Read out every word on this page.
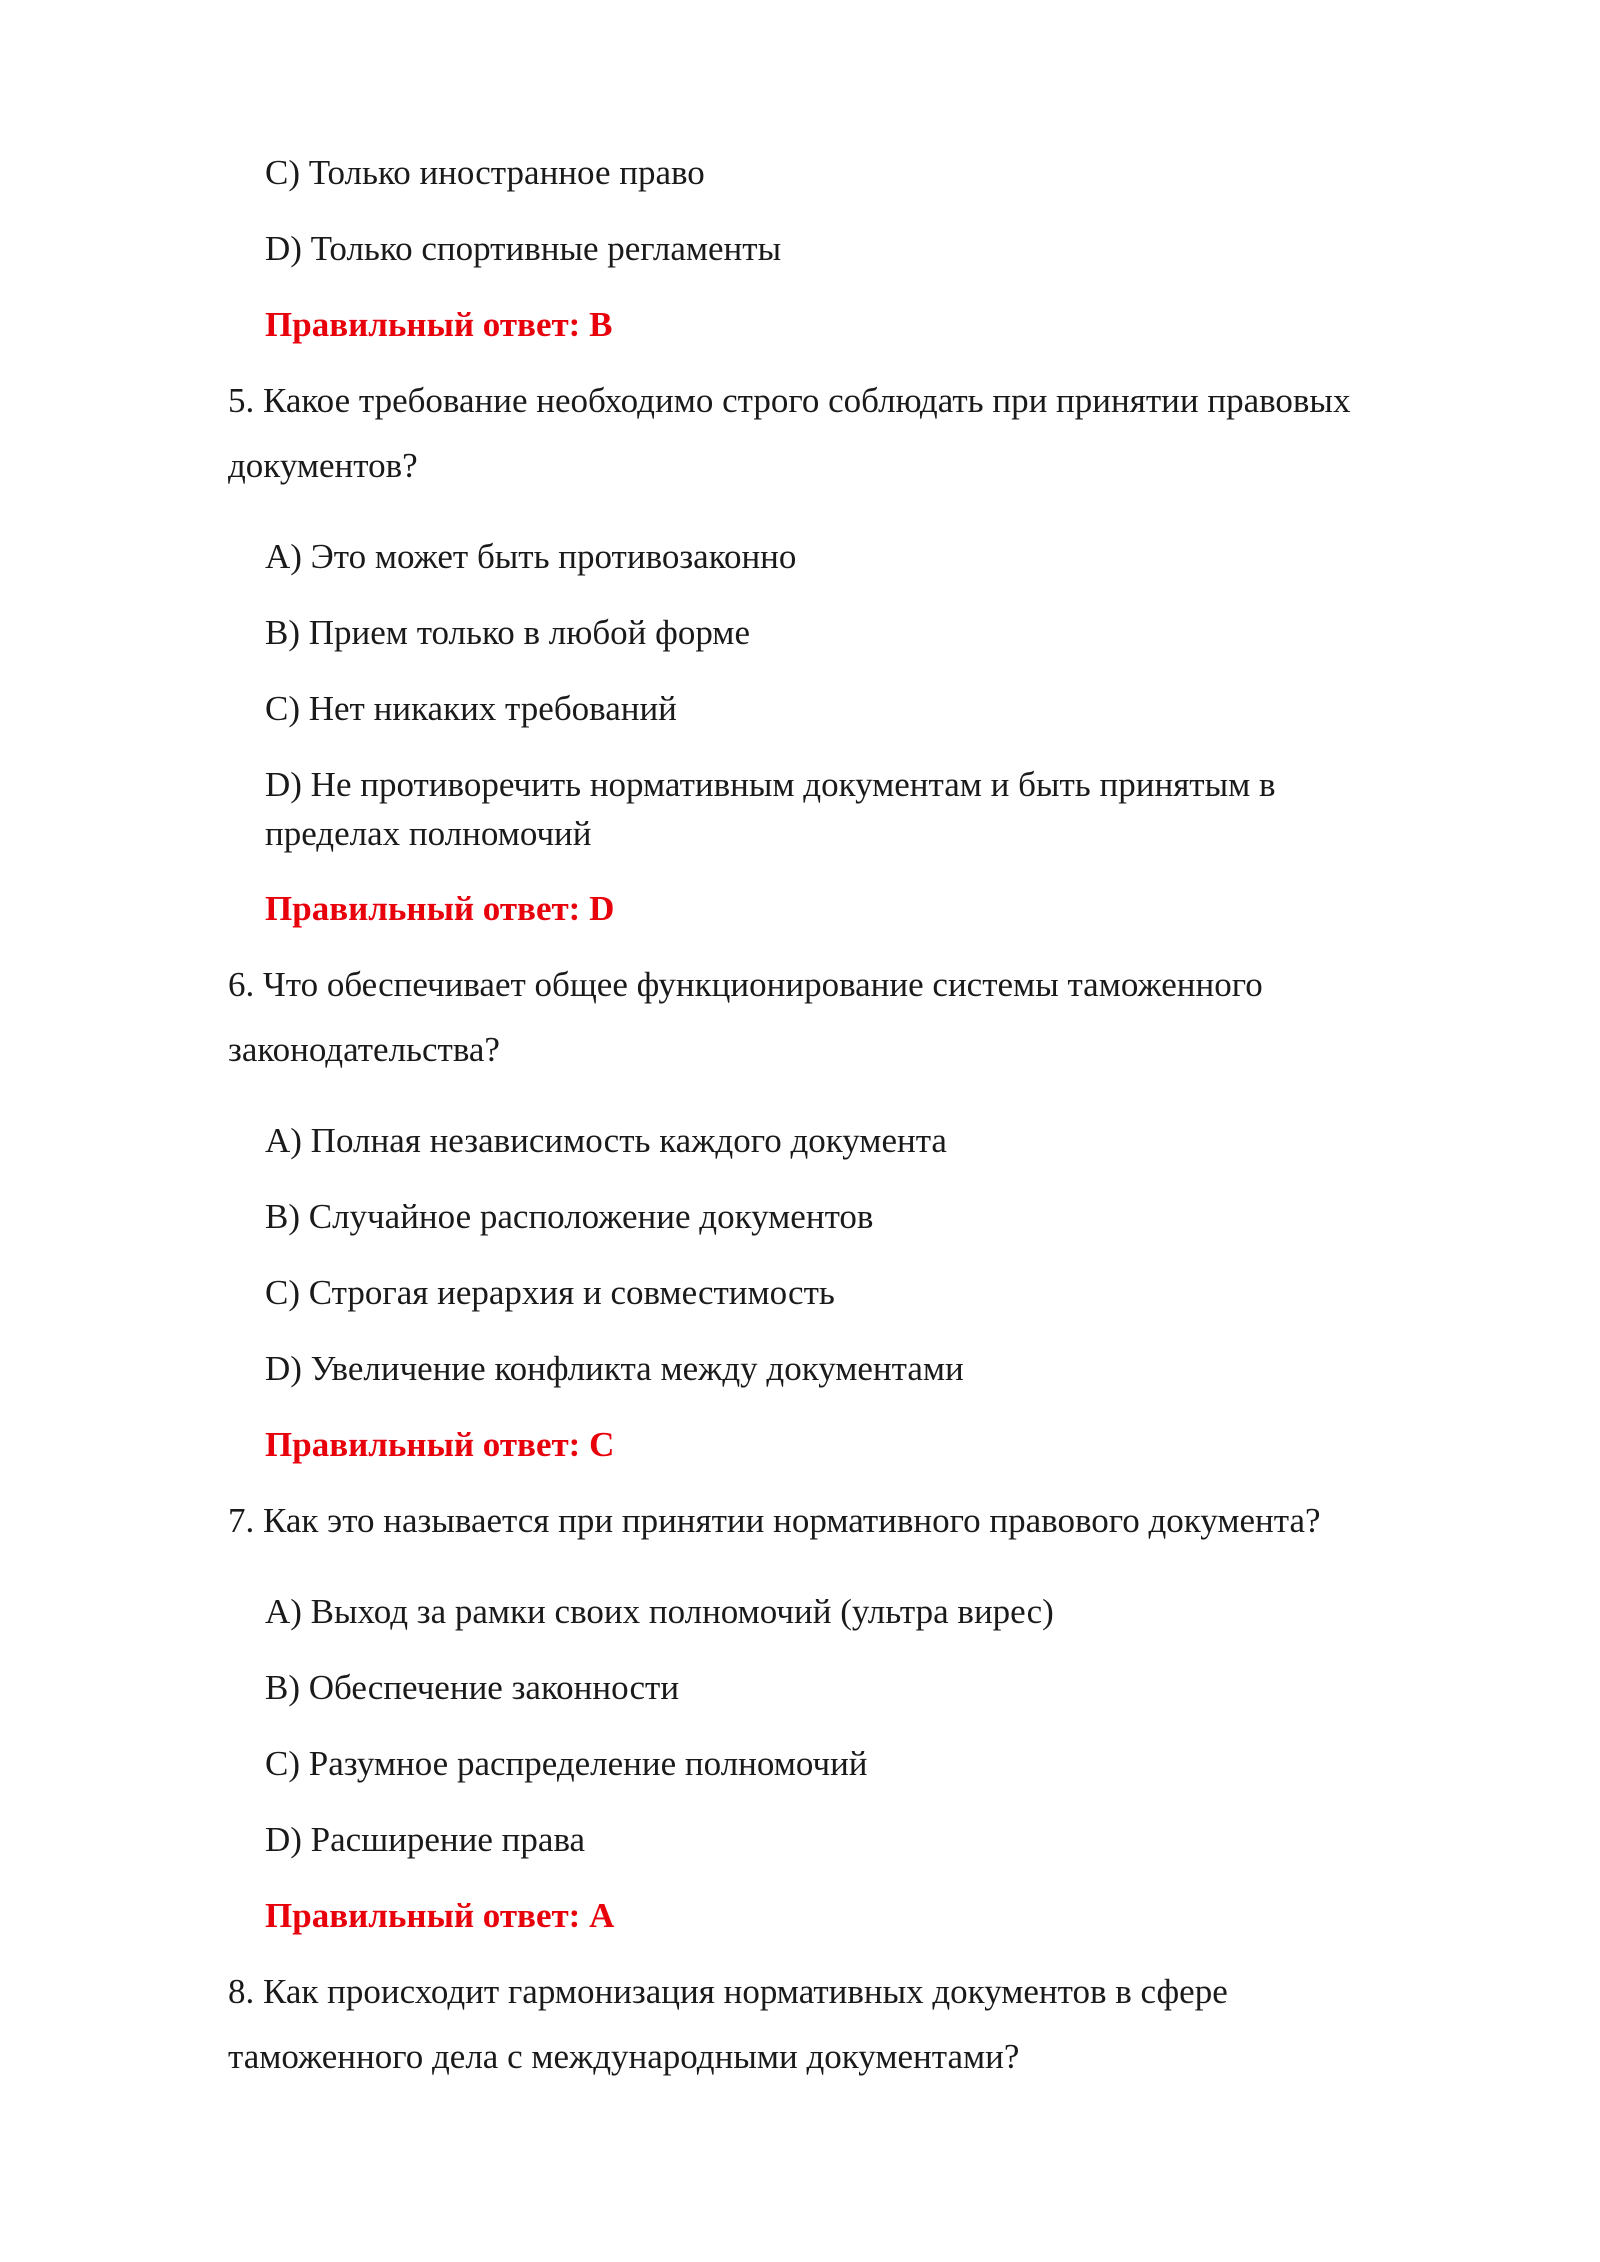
C) Только иностранное право
D) Только спортивные регламенты
Правильный ответ: B
5. Какое требование необходимо строго соблюдать при принятии правовых
документов?
A) Это может быть противозаконно
B) Прием только в любой форме
C) Нет никаких требований
D) Не противоречить нормативным документам и быть принятым в
пределах полномочий
Правильный ответ: D
6. Что обеспечивает общее функционирование системы таможенного
законодательства?
A) Полная независимость каждого документа
B) Случайное расположение документов
C) Строгая иерархия и совместимость
D) Увеличение конфликта между документами
Правильный ответ: C
7. Как это называется при принятии нормативного правового документа?
A) Выход за рамки своих полномочий (ультра вирес)
B) Обеспечение законности
C) Разумное распределение полномочий
D) Расширение права
Правильный ответ: A
8. Как происходит гармонизация нормативных документов в сфере
таможенного дела с международными документами?
